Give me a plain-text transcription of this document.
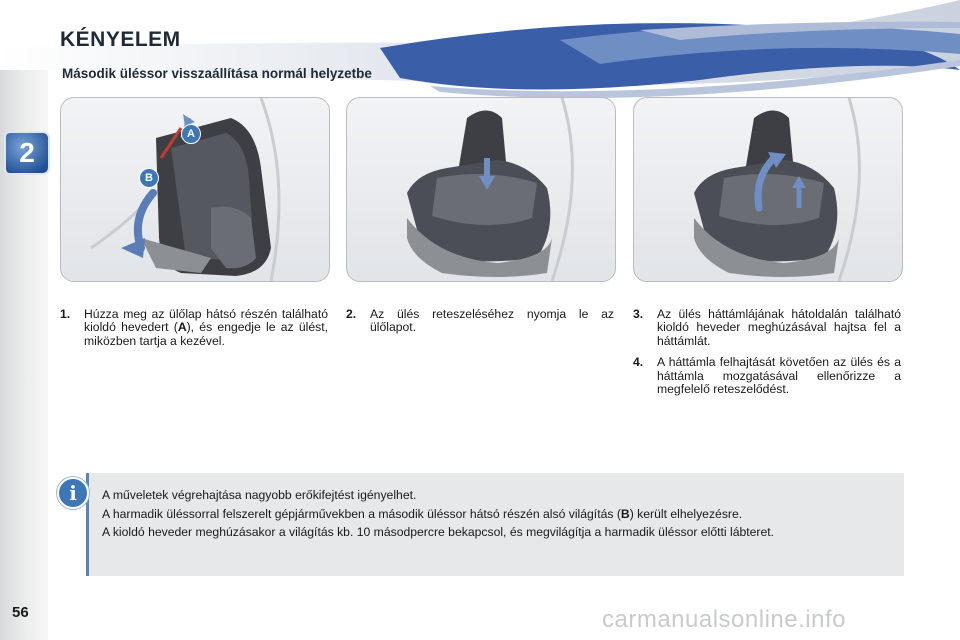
KÉNYELEM
Második üléssor visszaállítása normál helyzetbe
2
A
B
1.	Húzza meg az ülőlap hátsó részén található kioldó hevedert (A), és engedje le az ülést, miközben tartja a kezével.
2.	Az ülés reteszeléséhez nyomja le az ülőlapot.
3.	Az ülés háttámlájának hátoldalán található kioldó heveder meghúzásával hajtsa fel a háttámlát.
4.	A háttámla felhajtását követően az ülés és a háttámla mozgatásával ellenőrizze a megfelelő reteszelődést.
i	A műveletek végrehajtása nagyobb erőkifejtést igényelhet.

A harmadik üléssorral felszerelt gépjárművekben a második üléssor hátsó részén alsó világítás (B) került elhelyezésre.

A kioldó heveder meghúzásakor a világítás kb. 10 másodpercre bekapcsol, és megvilágítja a harmadik üléssor előtti lábteret.

56	carmanualsonline.info
